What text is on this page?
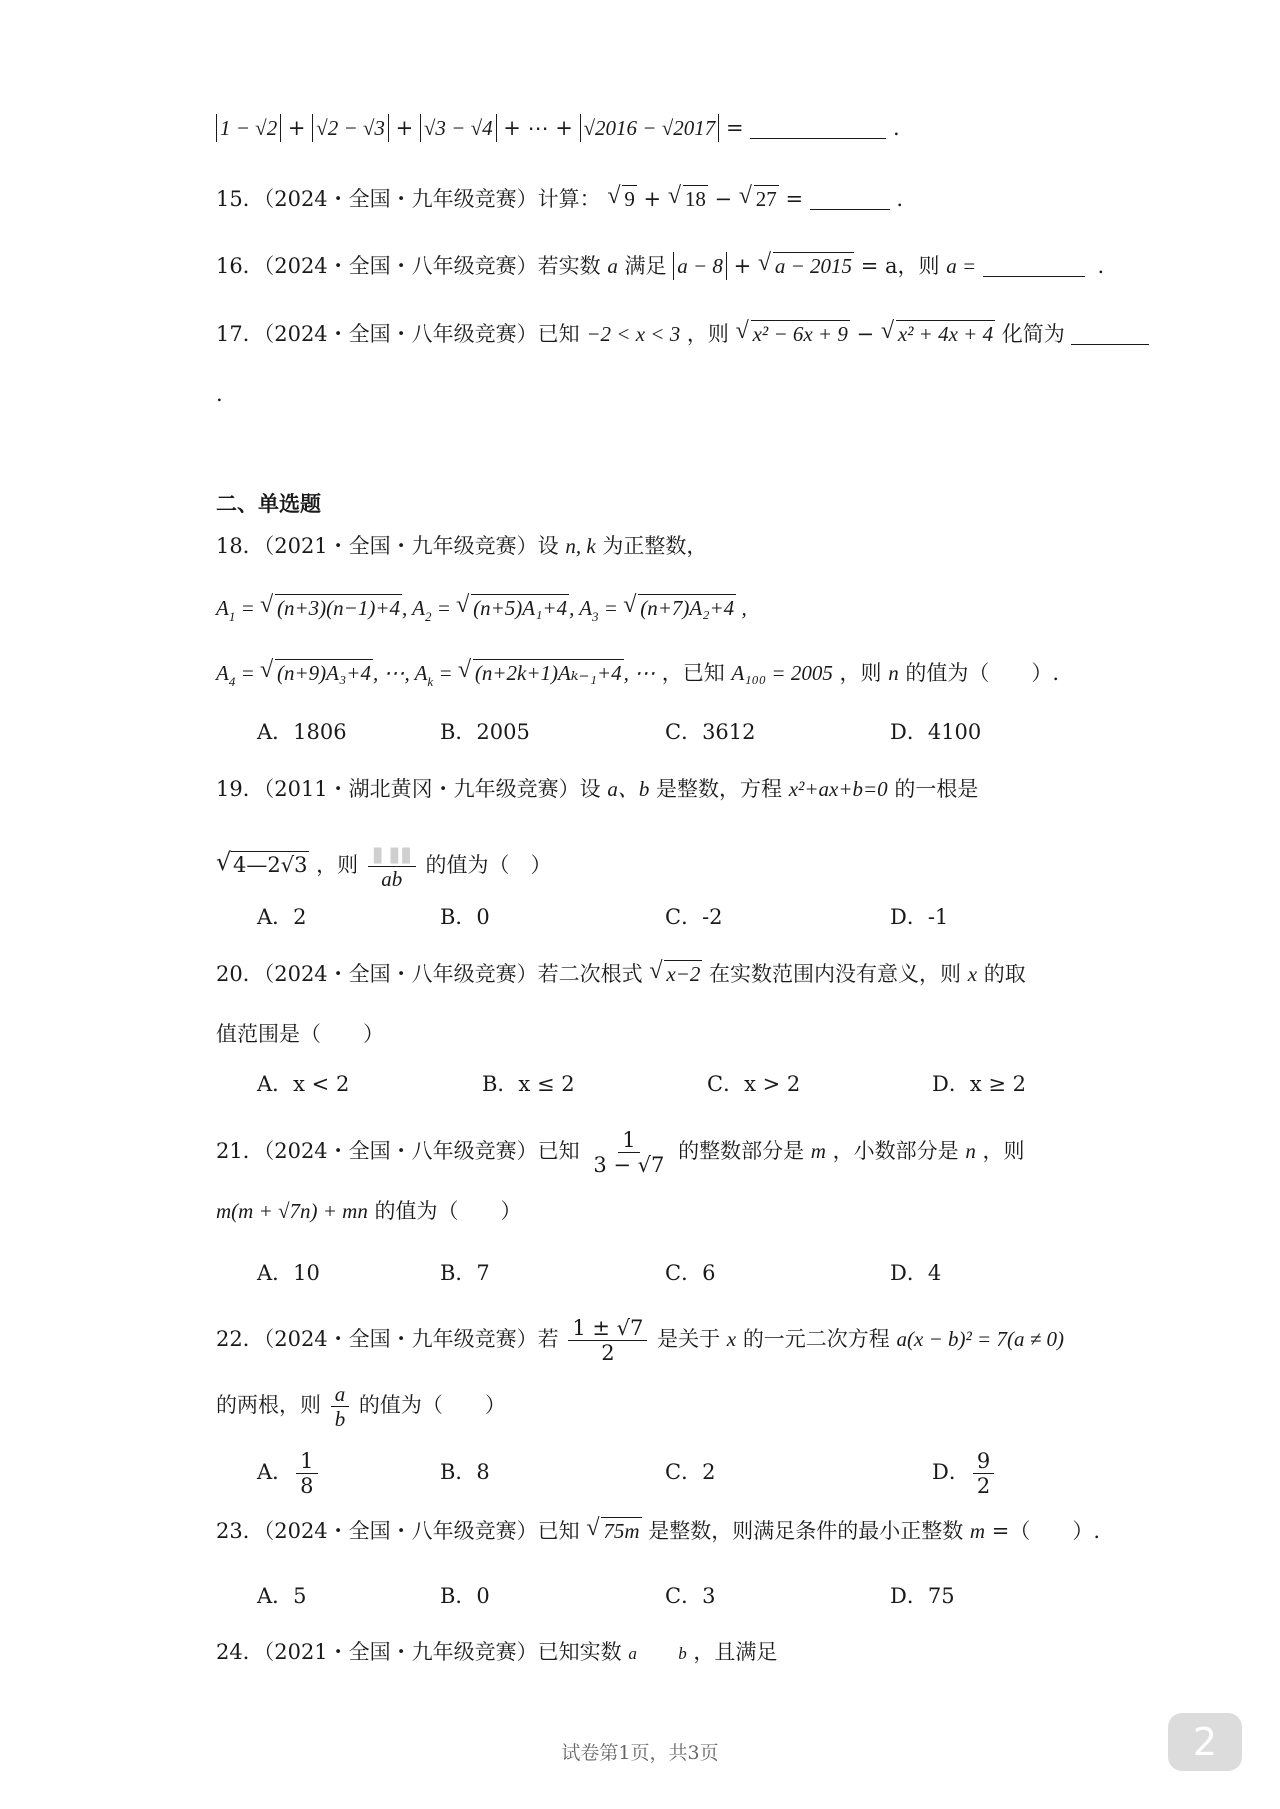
1 − √2 + √2 − √3 + √3 − √4 + ⋯ + √2016 − √2017 =	.
15．（2024・全国・九年级竞赛）计算： √ 9 + √ 18 − √ 27 =	.
16．（2024・全国・八年级竞赛）若实数 a 满足 a − 8 + √ a − 2015 = a，则 a =	.
17．（2024・全国・八年级竞赛）已知 −2 < x < 3 ，则 √ x² − 6x + 9 − √ x² + 4x + 4 化简为
.
二、单选题
18．（2021・全国・九年级竞赛）设 n, k 为正整数，
$A_1$ = √ (n+3)(n−1)+4, $A_2$ = √ (n+5)A₁+4, $A_3$ = √ (n+7)A₂+4 ,
$A_4$ = √ (n+9)A₃+4, ⋯, $A_k$ = √ (n+2k+1)Aₖ₋₁+4, ⋯ ，已知 A₁₀₀ = 2005 ，则 n 的值为（　　）.
A．1806	B．2005	C．3612	D．4100
19．（2011・湖北黄冈・九年级竞赛）设 a、b 是整数，方程 x²+ax+b=0 的一根是
√ 4—2√3 ，则 $\frac{▮ ▮▮}{ab}$ 的值为（　）
A．2	B．0	C．-2	D．-1
20．（2024・全国・八年级竞赛）若二次根式 √ x−2 在实数范围内没有意义，则 x 的取
值范围是（　　）
A．x < 2	B．x ≤ 2	C．x > 2	D．x ≥ 2
21．（2024・全国・八年级竞赛）已知 $\frac{1}{3 - √7}$ 的整数部分是 m ，小数部分是 n ，则
m(m + √7n) + mn 的值为（　　）
A．10	B．7	C．6	D．4
22．（2024・全国・九年级竞赛）若 $\frac{1 \pm √7}{2}$ 是关于 x 的一元二次方程 a(x − b)² = 7(a ≠ 0)
的两根，则 $\frac{a}{b}$ 的值为（　　）
A． $\frac{1}{8}$	B．8	C．2	D． $\frac{9}{2}$
23．（2024・全国・八年级竞赛）已知 √ 75m 是整数，则满足条件的最小正整数 m =（　　）.
A．5	B．0	C．3	D．75
24．（2021・全国・九年级竞赛）已知实数 a b ，且满足
试卷第1页，共3页	2
